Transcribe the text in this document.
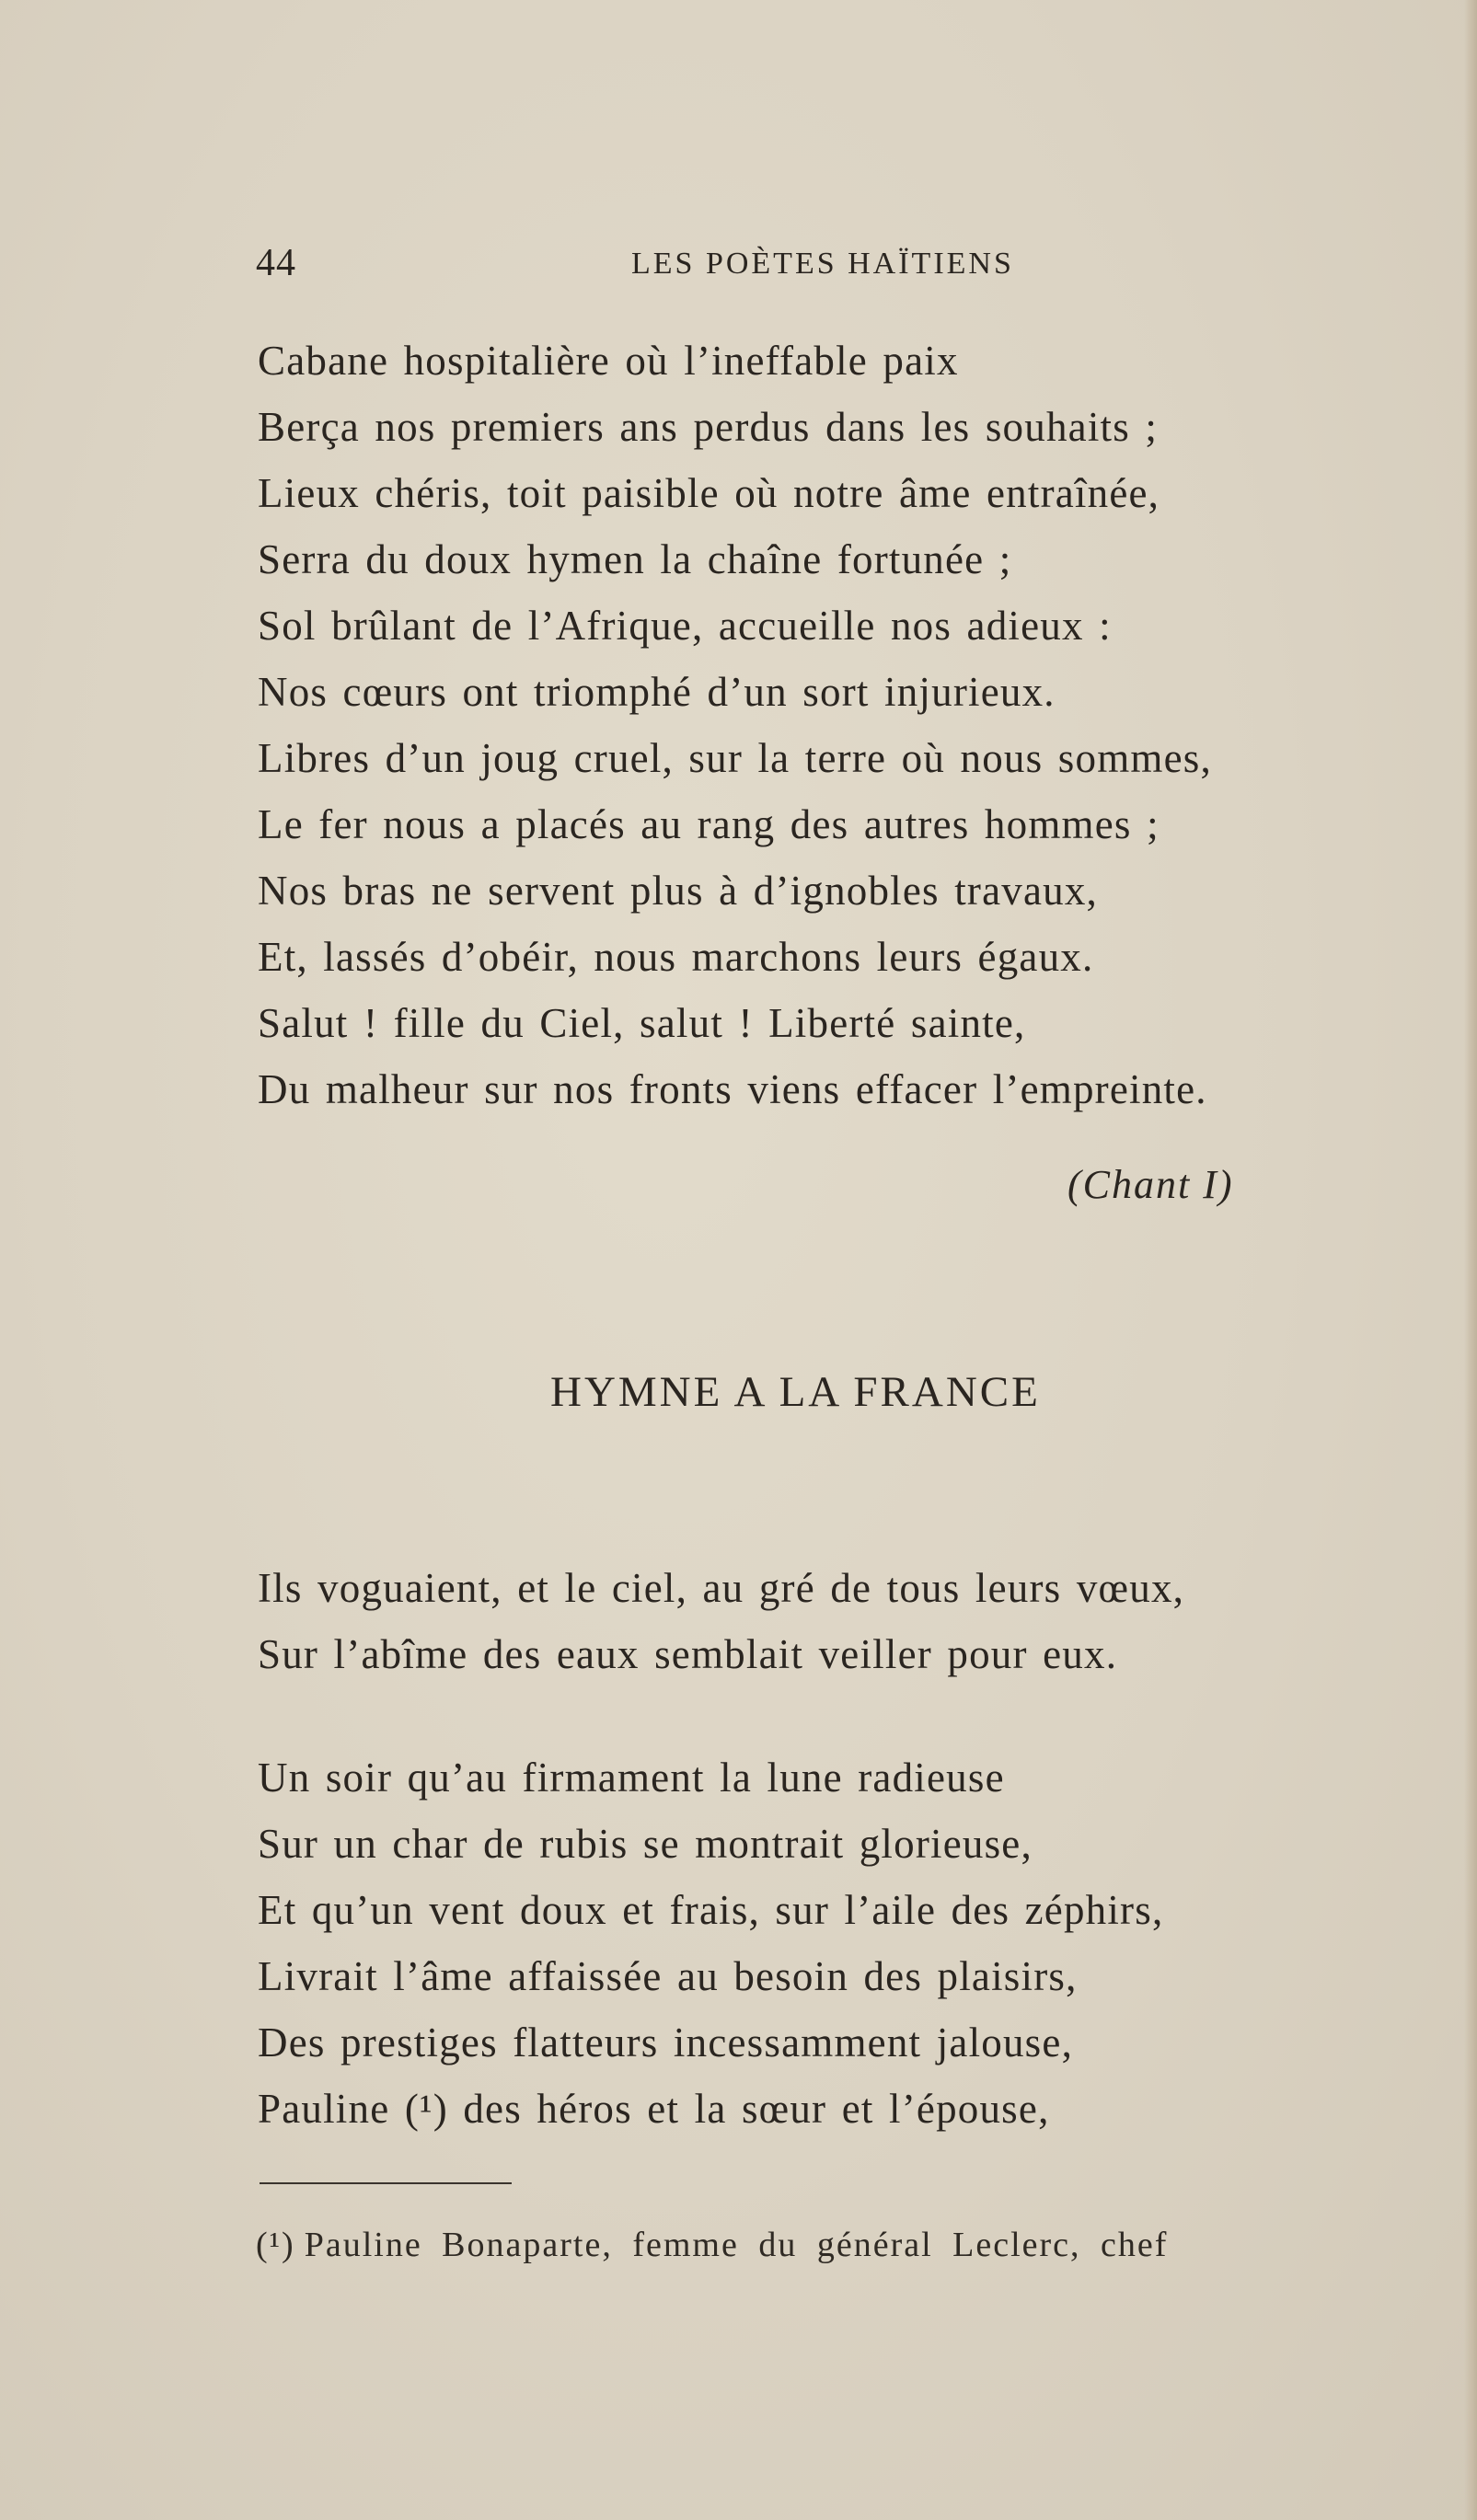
44	LES POÈTES HAÏTIENS
Cabane hospitalière où l’ineffable paix
Berça nos premiers ans perdus dans les souhaits ;
Lieux chéris, toit paisible où notre âme entraînée,
Serra du doux hymen la chaîne fortunée ;
Sol brûlant de l’Afrique, accueille nos adieux :
Nos cœurs ont triomphé d’un sort injurieux.
Libres d’un joug cruel, sur la terre où nous sommes,
Le fer nous a placés au rang des autres hommes ;
Nos bras ne servent plus à d’ignobles travaux,
Et, lassés d’obéir, nous marchons leurs égaux.
Salut ! fille du Ciel, salut ! Liberté sainte,
Du malheur sur nos fronts viens effacer l’empreinte.
(Chant I)
HYMNE A LA FRANCE
Ils voguaient, et le ciel, au gré de tous leurs vœux,
Sur l’abîme des eaux semblait veiller pour eux.
Un soir qu’au firmament la lune radieuse
Sur un char de rubis se montrait glorieuse,
Et qu’un vent doux et frais, sur l’aile des zéphirs,
Livrait l’âme affaissée au besoin des plaisirs,
Des prestiges flatteurs incessamment jalouse,
Pauline (¹) des héros et la sœur et l’épouse,
(¹) Pauline Bonaparte, femme du général Leclerc, chef
